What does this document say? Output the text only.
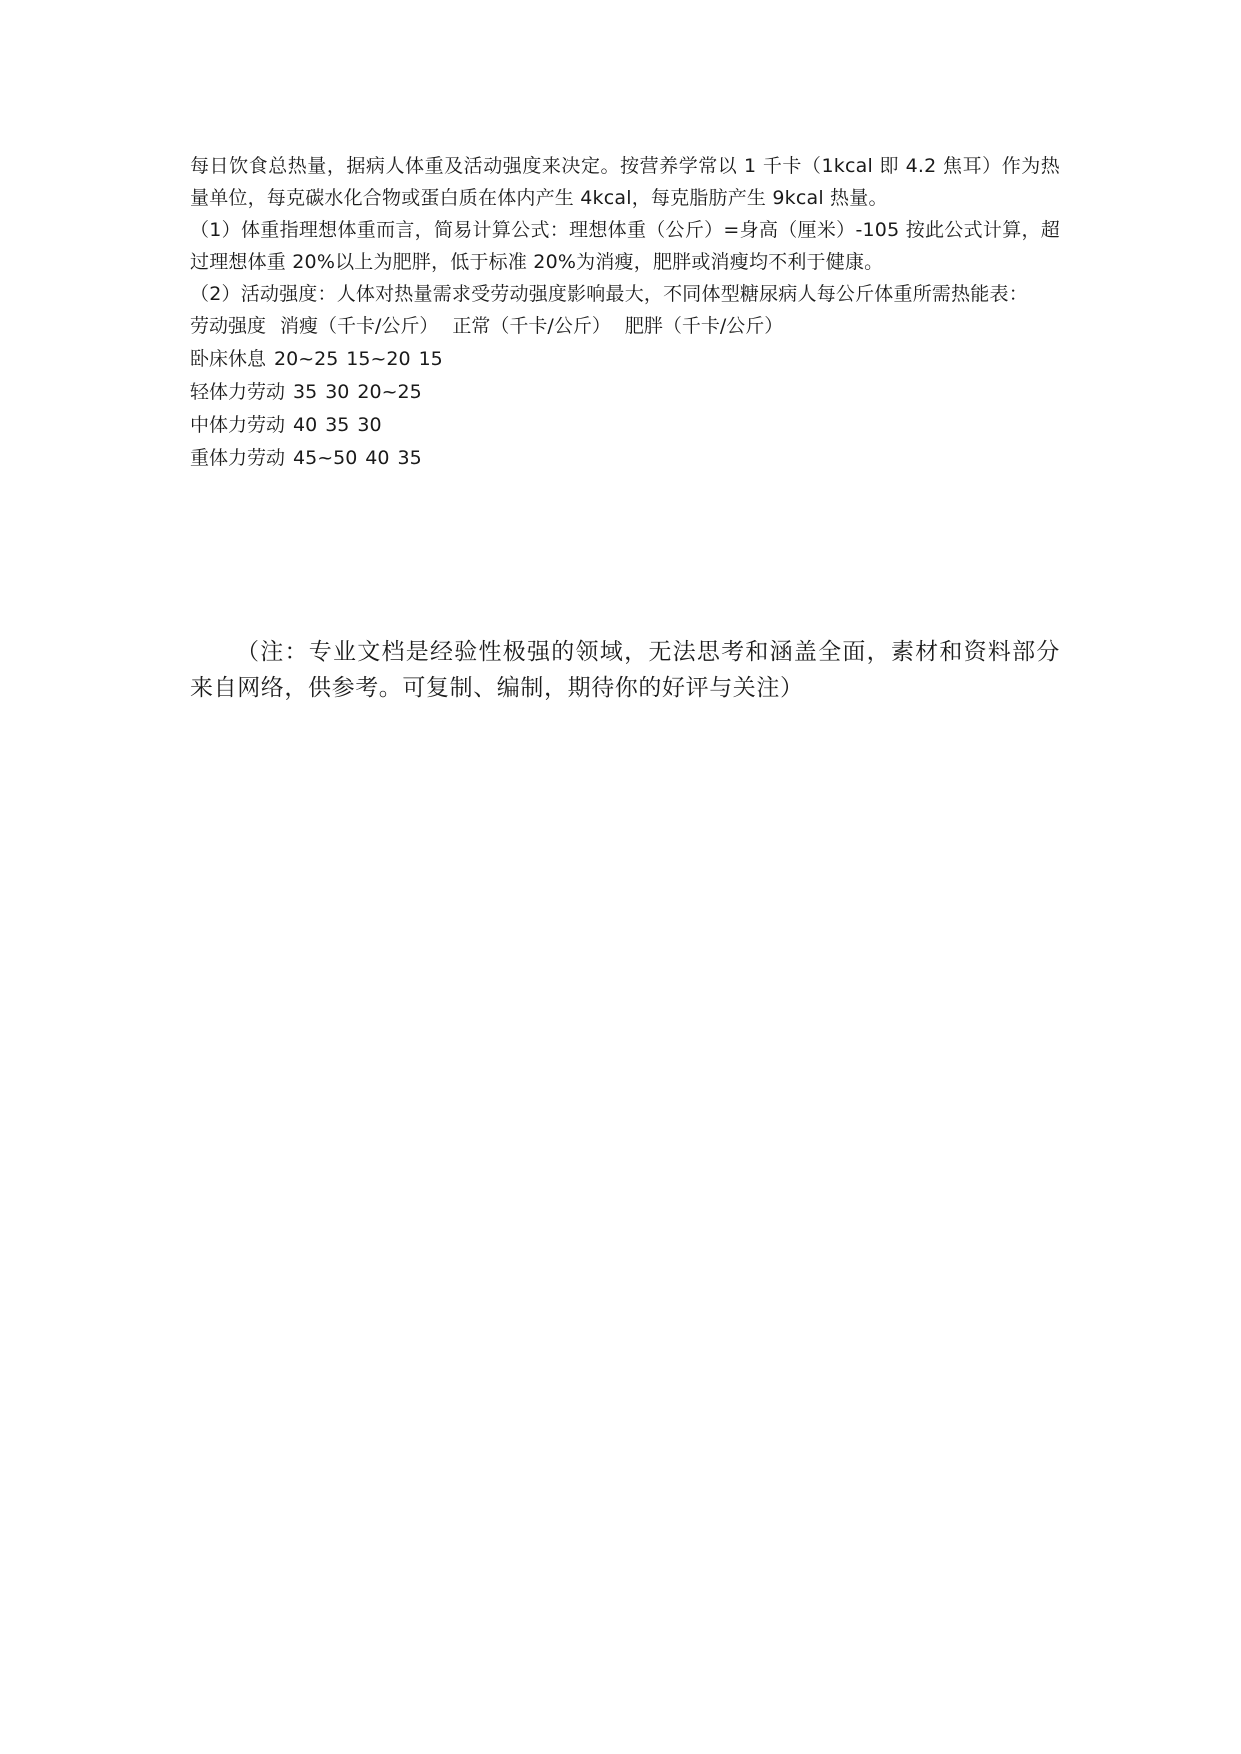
每日饮食总热量，据病人体重及活动强度来决定。按营养学常以 1 千卡（1kcal 即 4.2 焦耳）作为热量单位，每克碳水化合物或蛋白质在体内产生 4kcal，每克脂肪产生 9kcal 热量。

（1）体重指理想体重而言，简易计算公式：理想体重（公斤）=身高（厘米）-105 按此公式计算，超过理想体重 20%以上为肥胖，低于标准 20%为消瘦，肥胖或消瘦均不利于健康。

（2）活动强度：人体对热量需求受劳动强度影响最大，不同体型糖尿病人每公斤体重所需热能表：

劳动强度 消瘦（千卡/公斤） 正常（千卡/公斤） 肥胖（千卡/公斤）

卧床休息 20~25 15~20 15

轻体力劳动 35 30 20~25

中体力劳动 40 35 30

重体力劳动 45~50 40 35

（注：专业文档是经验性极强的领域，无法思考和涵盖全面，素材和资料部分来自网络，供参考。可复制、编制，期待你的好评与关注）
